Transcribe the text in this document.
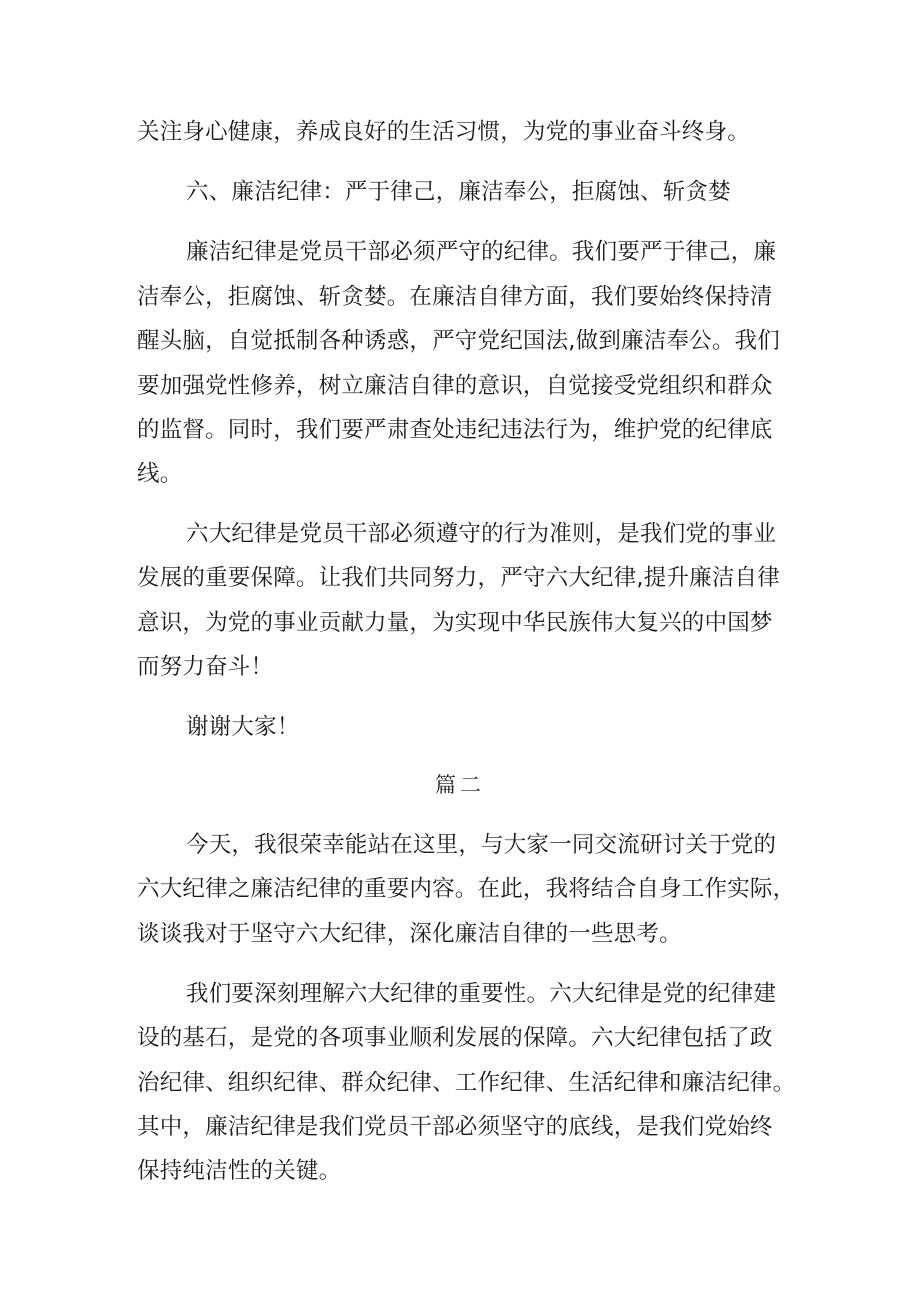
关注身心健康，养成良好的生活习惯，为党的事业奋斗终身。
六、廉洁纪律：严于律己，廉洁奉公，拒腐蚀、斩贪婪
廉洁纪律是党员干部必须严守的纪律。我们要严于律己，廉
洁奉公，拒腐蚀、斩贪婪。在廉洁自律方面，我们要始终保持清
醒头脑，自觉抵制各种诱惑，严守党纪国法,做到廉洁奉公。我们
要加强党性修养，树立廉洁自律的意识，自觉接受党组织和群众
的监督。同时，我们要严肃查处违纪违法行为，维护党的纪律底
线。
六大纪律是党员干部必须遵守的行为准则，是我们党的事业
发展的重要保障。让我们共同努力，严守六大纪律,提升廉洁自律
意识，为党的事业贡献力量，为实现中华民族伟大复兴的中国梦
而努力奋斗！
谢谢大家！
篇二
今天，我很荣幸能站在这里，与大家一同交流研讨关于党的
六大纪律之廉洁纪律的重要内容。在此，我将结合自身工作实际，
谈谈我对于坚守六大纪律，深化廉洁自律的一些思考。
我们要深刻理解六大纪律的重要性。六大纪律是党的纪律建
设的基石，是党的各项事业顺利发展的保障。六大纪律包括了政
治纪律、组织纪律、群众纪律、工作纪律、生活纪律和廉洁纪律。
其中，廉洁纪律是我们党员干部必须坚守的底线，是我们党始终
保持纯洁性的关键。
